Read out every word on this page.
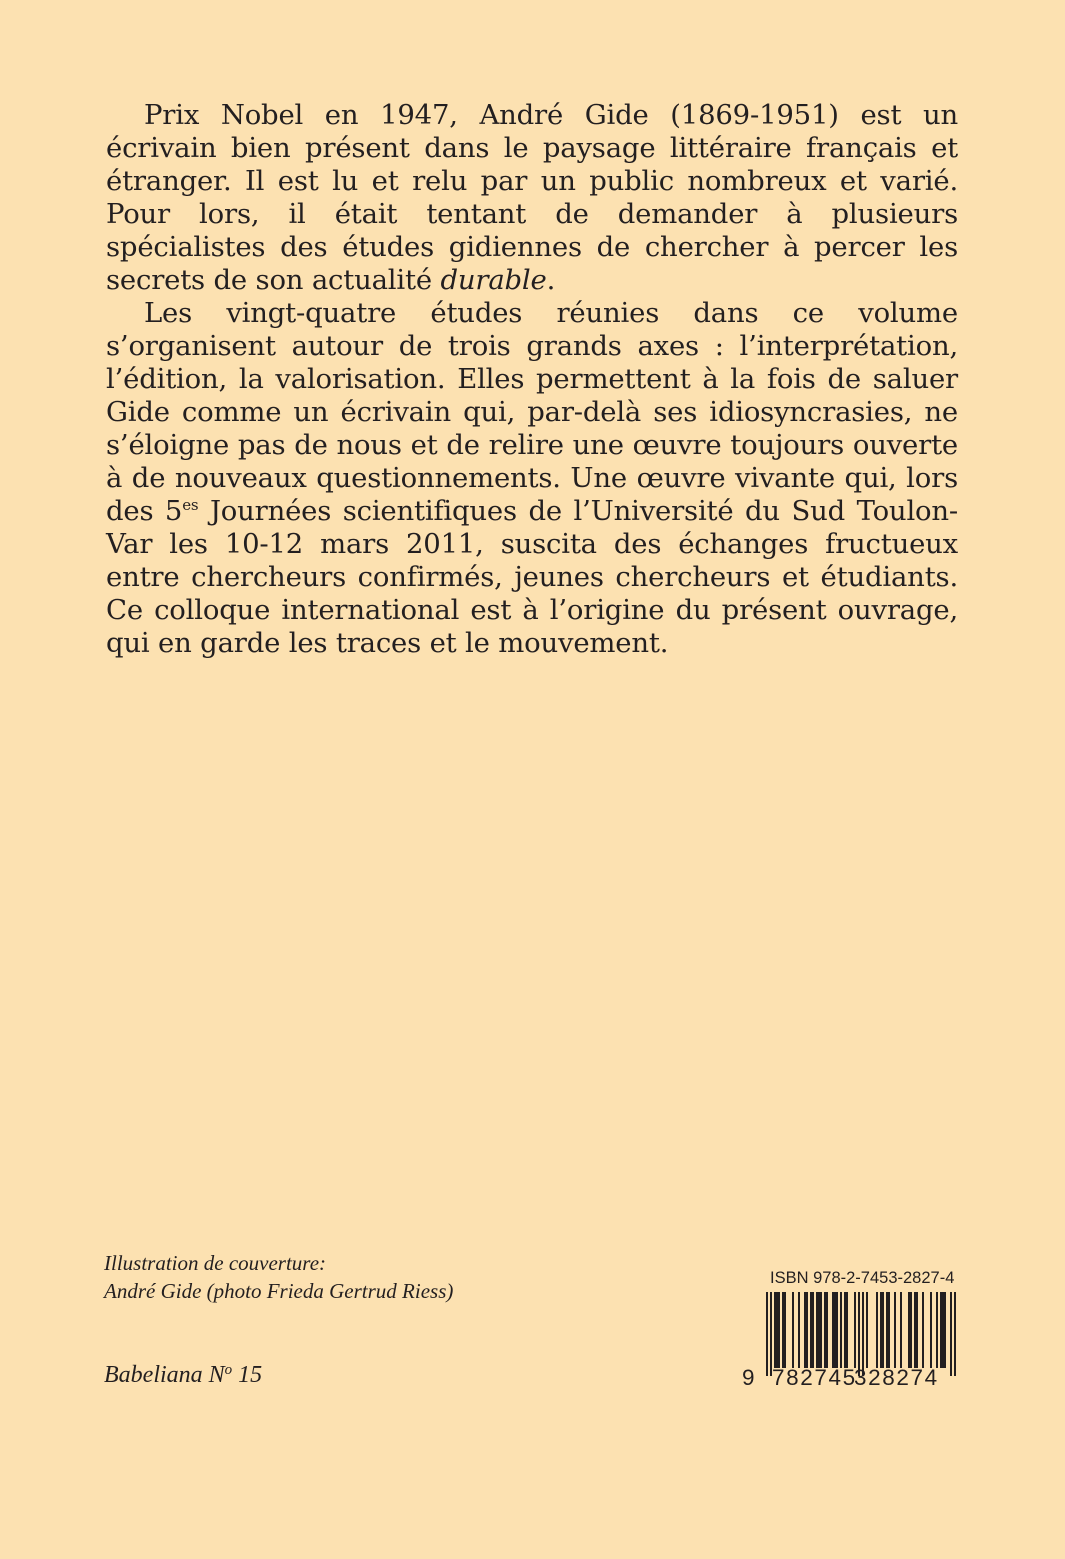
Prix Nobel en 1947, André Gide (1869-1951) est un écrivain bien présent dans le paysage littéraire français et étranger. Il est lu et relu par un public nombreux et varié. Pour lors, il était tentant de demander à plusieurs spécialistes des études gidiennes de chercher à percer les secrets de son actualité durable.

Les vingt-quatre études réunies dans ce volume s’organisent autour de trois grands axes : l’interprétation, l’édition, la valorisation. Elles permettent à la fois de saluer Gide comme un écrivain qui, par-delà ses idiosyncrasies, ne s’éloigne pas de nous et de relire une œuvre toujours ouverte à de nouveaux questionnements. Une œuvre vivante qui, lors des $5^{es}$ Journées scientifiques de l’Université du Sud Toulon-Var les 10-12 mars 2011, suscita des échanges fructueux entre chercheurs confirmés, jeunes chercheurs et étudiants. Ce colloque international est à l’origine du présent ouvrage, qui en garde les traces et le mouvement.

Illustration de couverture:
André Gide (photo Frieda Gertrud Riess)
Babeliana $N^o$ 15
ISBN 978-2-7453-2827-4
9 782745
328274
